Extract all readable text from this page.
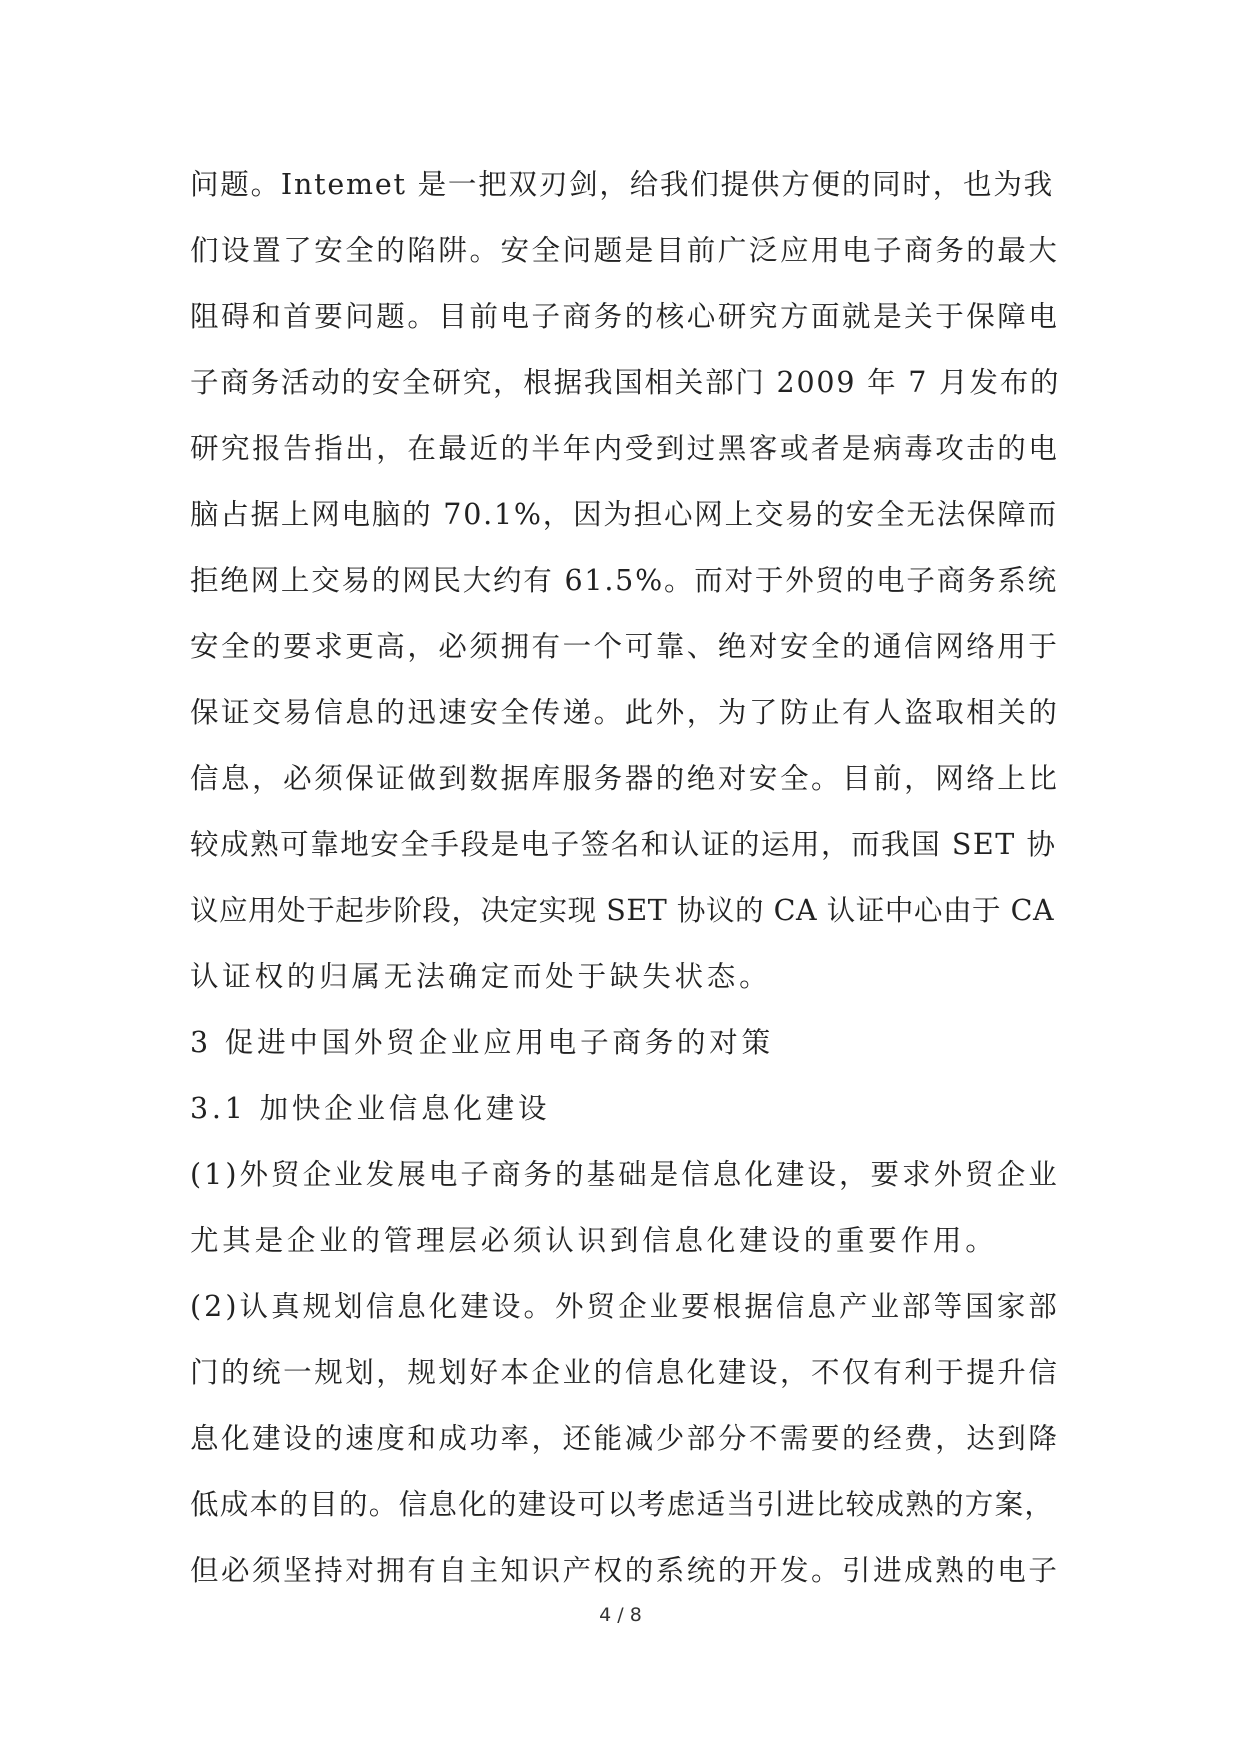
问题。Intemet 是一把双刃剑，给我们提供方便的同时，也为我
们设置了安全的陷阱。安全问题是目前广泛应用电子商务的最大
阻碍和首要问题。目前电子商务的核心研究方面就是关于保障电
子商务活动的安全研究，根据我国相关部门 2009 年 7 月发布的
研究报告指出，在最近的半年内受到过黑客或者是病毒攻击的电
脑占据上网电脑的 70.1%，因为担心网上交易的安全无法保障而
拒绝网上交易的网民大约有 61.5%。而对于外贸的电子商务系统
安全的要求更高，必须拥有一个可靠、绝对安全的通信网络用于
保证交易信息的迅速安全传递。此外，为了防止有人盗取相关的
信息，必须保证做到数据库服务器的绝对安全。目前，网络上比
较成熟可靠地安全手段是电子签名和认证的运用，而我国 SET 协
议应用处于起步阶段，决定实现 SET 协议的 CA 认证中心由于 CA
认证权的归属无法确定而处于缺失状态。
3 促进中国外贸企业应用电子商务的对策
3.1 加快企业信息化建设
(1)外贸企业发展电子商务的基础是信息化建设，要求外贸企业
尤其是企业的管理层必须认识到信息化建设的重要作用。
(2)认真规划信息化建设。外贸企业要根据信息产业部等国家部
门的统一规划，规划好本企业的信息化建设，不仅有利于提升信
息化建设的速度和成功率，还能减少部分不需要的经费，达到降
低成本的目的。信息化的建设可以考虑适当引进比较成熟的方案，
但必须坚持对拥有自主知识产权的系统的开发。引进成熟的电子
4 / 8
